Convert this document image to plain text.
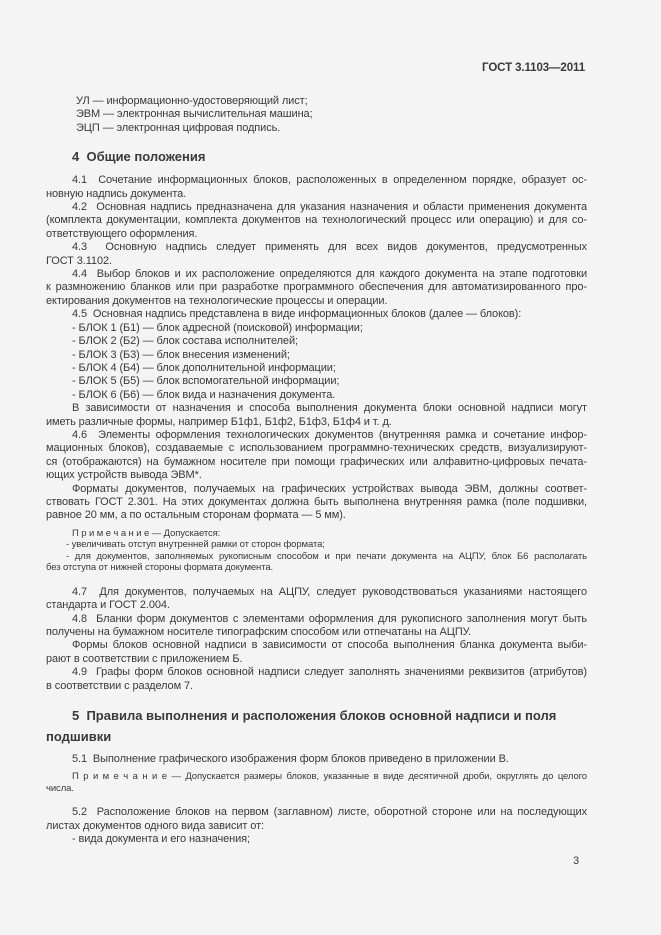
ГОСТ 3.1103—2011
УЛ — информационно-удостоверяющий лист;
ЭВМ — электронная вычислительная машина;
ЭЦП — электронная цифровая подпись.
4  Общие положения
4.1  Сочетание информационных блоков, расположенных в определенном порядке, образует ос-
новную надпись документа.
4.2  Основная надпись предназначена для указания назначения и области применения документа
(комплекта документации, комплекта документов на технологический процесс или операцию) и для со-
ответствующего оформления.
4.3  Основную надпись следует применять для всех видов документов, предусмотренных
ГОСТ 3.1102.
4.4  Выбор блоков и их расположение определяются для каждого документа на этапе подготовки
к размножению бланков или при разработке программного обеспечения для автоматизированного про-
ектирования документов на технологические процессы и операции.
4.5  Основная надпись представлена в виде информационных блоков (далее — блоков):
- БЛОК 1 (Б1) — блок адресной (поисковой) информации;
- БЛОК 2 (Б2) — блок состава исполнителей;
- БЛОК 3 (Б3) — блок внесения изменений;
- БЛОК 4 (Б4) — блок дополнительной информации;
- БЛОК 5 (Б5) — блок вспомогательной информации;
- БЛОК 6 (Б6) — блок вида и назначения документа.
В зависимости от назначения и способа выполнения документа блоки основной надписи могут
иметь различные формы, например Б1ф1, Б1ф2, Б1ф3, Б1ф4 и т. д.
4.6  Элементы оформления технологических документов (внутренняя рамка и сочетание инфор-
мационных блоков), создаваемые с использованием программно-технических средств, визуализируют-
ся (отображаются) на бумажном носителе при помощи графических или алфавитно-цифровых печата-
ющих устройств вывода ЭВМ*.
Форматы документов, получаемых на графических устройствах вывода ЭВМ, должны соответ-
ствовать ГОСТ 2.301. На этих документах должна быть выполнена внутренняя рамка (поле подшивки,
равное 20 мм, а по остальным сторонам формата — 5 мм).
П р и м е ч а н и е — Допускается:
- увеличивать отступ внутренней рамки от сторон формата;
- для документов, заполняемых рукописным способом и при печати документа на АЦПУ, блок Б6 располагать
без отступа от нижней стороны формата документа.
4.7  Для документов, получаемых на АЦПУ, следует руководствоваться указаниями настоящего
стандарта и ГОСТ 2.004.
4.8  Бланки форм документов с элементами оформления для рукописного заполнения могут быть
получены на бумажном носителе типографским способом или отпечатаны на АЦПУ.
Формы блоков основной надписи в зависимости от способа выполнения бланка документа выби-
рают в соответствии с приложением Б.
4.9  Графы форм блоков основной надписи следует заполнять значениями реквизитов (атрибутов)
в соответствии с разделом 7.
5  Правила выполнения и расположения блоков основной надписи и поля
подшивки
5.1  Выполнение графического изображения форм блоков приведено в приложении В.
П р и м е ч а н и е — Допускается размеры блоков, указанные в виде десятичной дроби, округлять до целого
числа.
5.2  Расположение блоков на первом (заглавном) листе, оборотной стороне или на последующих
листах документов одного вида зависит от:
- вида документа и его назначения;
3
